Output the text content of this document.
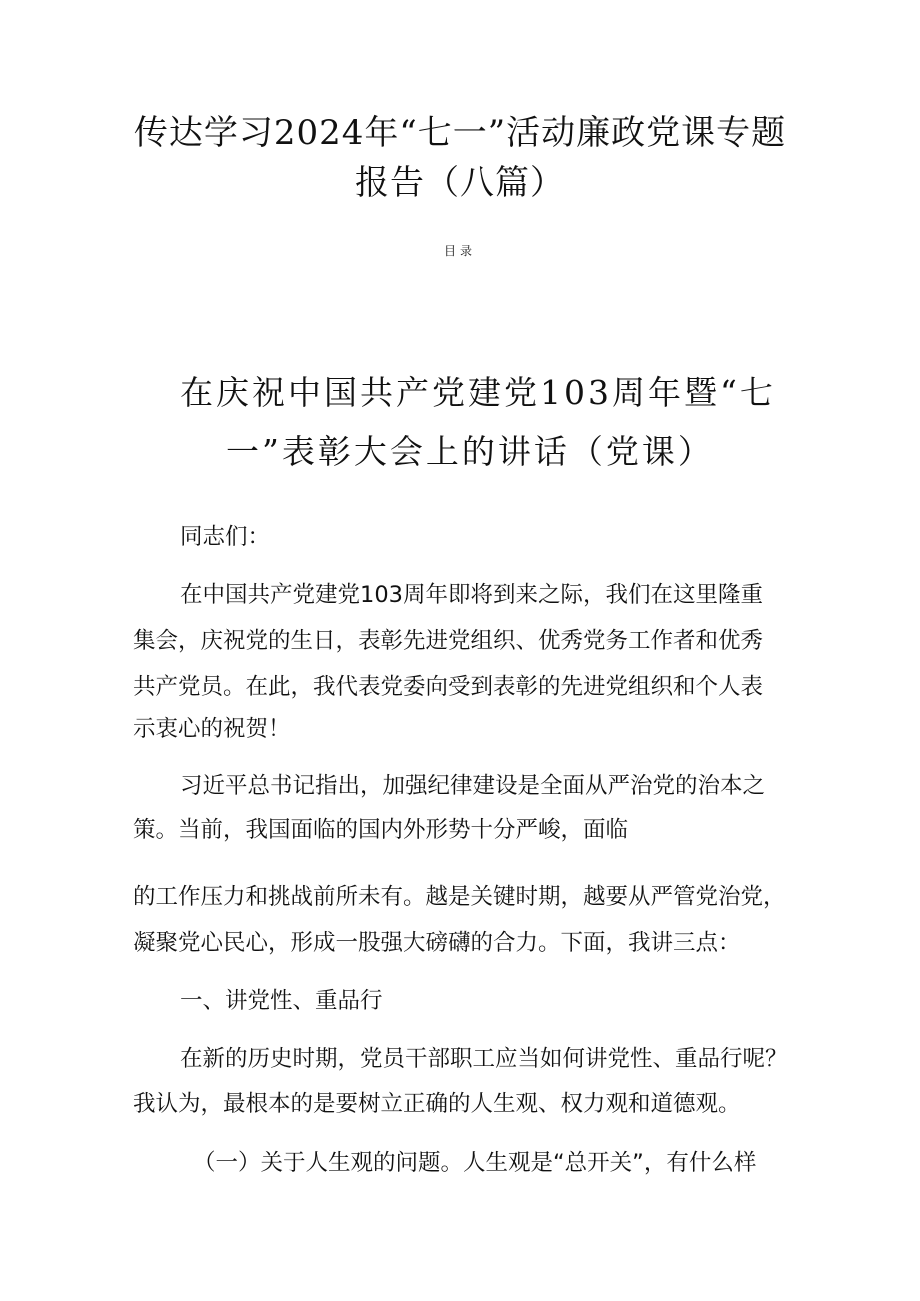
传达学习2024年“七一”活动廉政党课专题
报告（八篇）
目录
在庆祝中国共产党建党103周年暨“七
一”表彰大会上的讲话（党课）
同志们：
在中国共产党建党103周年即将到来之际，我们在这里隆重
集会，庆祝党的生日，表彰先进党组织、优秀党务工作者和优秀
共产党员。在此，我代表党委向受到表彰的先进党组织和个人表
示衷心的祝贺！
习近平总书记指出，加强纪律建设是全面从严治党的治本之
策。当前，我国面临的国内外形势十分严峻，面临
的工作压力和挑战前所未有。越是关键时期，越要从严管党治党，
凝聚党心民心，形成一股强大磅礴的合力。下面，我讲三点：
一、讲党性、重品行
在新的历史时期，党员干部职工应当如何讲党性、重品行呢？
我认为，最根本的是要树立正确的人生观、权力观和道德观。
（一）关于人生观的问题。人生观是“总开关”，有什么样
